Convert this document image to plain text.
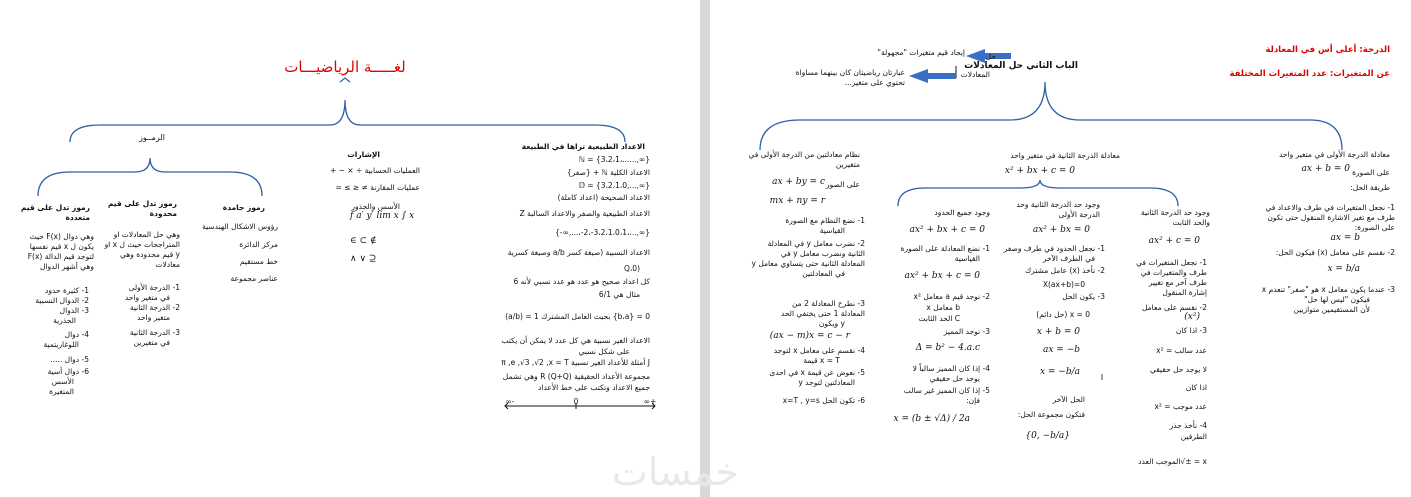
لغـــــة الرياضيـــات
الرمــوز
الاعداد الطبيعية تراها في الطبيعة
{∞,......،3،2،1} = ℕ
الاعداد الكلية ℕ + {صفر}
{∞,...,3،2،1،0} = 𝔻
الاعداد الصحيحة (اعداد كاملة)
الاعداد الطبيعية والصفر والاعداد السالبة Z
{∞,...،3،2،1،0،1-،2-،...,∞-}
الاعداد النسبية (صيغة كسر a/b وصيغة كسرية
(0،Q
كل اعداد صحيح هو عدد هو عدد نسبي لأنه 6
مثال هي 6/1
0 = {b،a} بحيث العامل المشترك 1 = (a/b)
الاعداد الغير نسبية هي كل عدد لا يمكن أن يكتب
على شكل نسبي
J أمثلة للأعداد الغير نسبية π ,e ,√3 ,√2 ,x = T
مجموعة الأعداد الحقيقية R (Q+Q) وهي تشمل
جميع الاعداد وتكتب على خط الأعداد
∞+
0
∞-
الإشارات
العمليات الحسابية ÷ × − +
عمليات المقارنة ≠ ≤ ≥ =
الأسس والجذور
f a′ y′ lim x ∫ x
∈ ⊂ ∉
∧ ∨ ⊇
رموز جامدة
رؤوس الاشكال الهندسية
مركز الدائرة
خط مستقيم
عناصر مجموعة
رموز تدل على قيم محدودة
وهي حل المعادلات او
المتراجحات حيث ل x او
y قيم محدودة وهي
معادلات
1- الدرجة الأولى
في متغير واحد
2- الدرجة الثانية
متغير واحد
3- الدرجة الثانية
في متغيرين
رموز تدل على قيم متعددة
وهي دوال F(x) حيث
يكون ل x قيم نفسها
لتوجد قيم الدالة F(x)
وهي أشهر الدوال
1- كثيرة حدود
2- الدوال النسبية
3- الدوال
الجذرية
4- دوال
اللوغاريتمية
5- دوال .....
6- دوال أسية
الأسس
المتغيرة
الدرجة: أعلى أس في المعادلة
عن المتغيرات: عدد المتغيرات المختلفة
الباب الثاني حل المعادلات
حل
إيجاد قيم متغيرات "مجهولة"
المعادلات
عبارتان رياضيتان كان بينهما مساواة
تحتوي على متغير...
معادلة الدرجة الأولى في متغير واحد
على الصورة
ax + b = 0
طريقة الحل:
1- نجعل المتغيرات في طرف والاعداد في
طرف مع تغير الاشارة المنقول حتى تكون
على الصورة:
ax = b
2- نقسم على معامل (x) فيكون الحل:
x = b/a
3- عندما يكون معامل x هو "صفر" تنعدم x
فيكون "ليس لها حل"
لأن المستقيمين متوازيين
معادلة الدرجة الثانية في متغير واحد
x² + bx + c = 0
وجود حد الدرجة الثانية والحد الثابت
ax² + c = 0
1- نجعل المتغيرات في
طرف والمتغيرات في
طرف آخر مع تغيير
إشارة المنقول
2- نقسم على معامل
(x²)
3- اذا كان
عدد سالب = x²
لا يوجد حل حقيقي
اذا كان
عدد موجب = x²
4- نأخذ جذر
الطرفين
x = ±√الموجب العدد
وجود حد الدرجة الثانية وحد الدرجة الأولى
ax² + bx = 0
1- نجعل الحدود في طرف وصفر
في الطرف الآخر
2- نأخذ (x) عامل مشترك
X(ax+b)=0
3- يكون الحل
x = 0 (حل دائم)
x + b = 0
ax = −b
x = −b/a
الحل الآخر
فتكون مجموعة الحل:
{0, −b/a}
وجود جميع الحدود
ax² + bx + c = 0
1- نضع المعادلة على الصورة
القياسية
ax² + bx + c = 0
2- نوجد قيم a معامل x²
b معامل x
C الحد الثابت
3- نوجد المميز
Δ = b² − 4.a.c
4- إذا كان المميز سالباً لا
يوجد حل حقيقي
5- إذا كان المميز غير سالب
فإن:
x = (b ± √Δ) / 2a
نظام معادلتين من الدرجة الأولى في متغيرين
على الصور
ax + by = c
mx + ny = r
1- نضع النظام مع الصورة
القياسية
2- نضرب معامل y في المعادلة
الثانية ونضرب معامل y في
المعادلة الثانية حتى يتساوي معامل y
في المعادلتين
3- نطرح المعادلة 2 من
المعادلة 1 حتى يختفي الحد
y ويكون
(ax − m)x = c − r
4- نقسم على معامل x لتوجد
x = T قيمة
5- نعوض عن قيمة x في احدى
المعادلتين لتوجد y
6- تكون الحل x=T , y=s
خمسات
